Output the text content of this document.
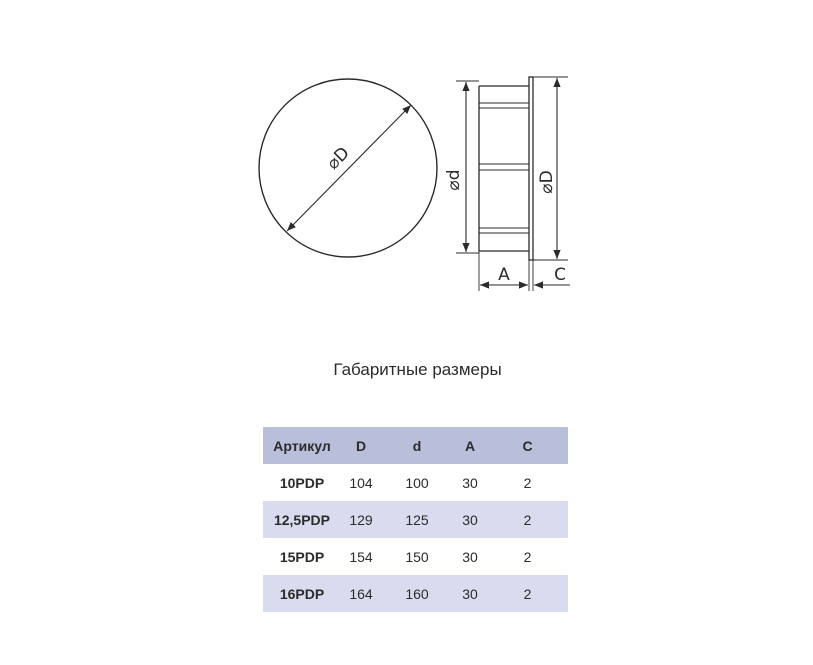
⌀D
⌀d	⌀D
A	C
Габаритные размеры
Артикул	D	d	A	C
10PDP	104	100	30	2
12,5PDP	129	125	30	2
15PDP	154	150	30	2
16PDP	164	160	30	2
